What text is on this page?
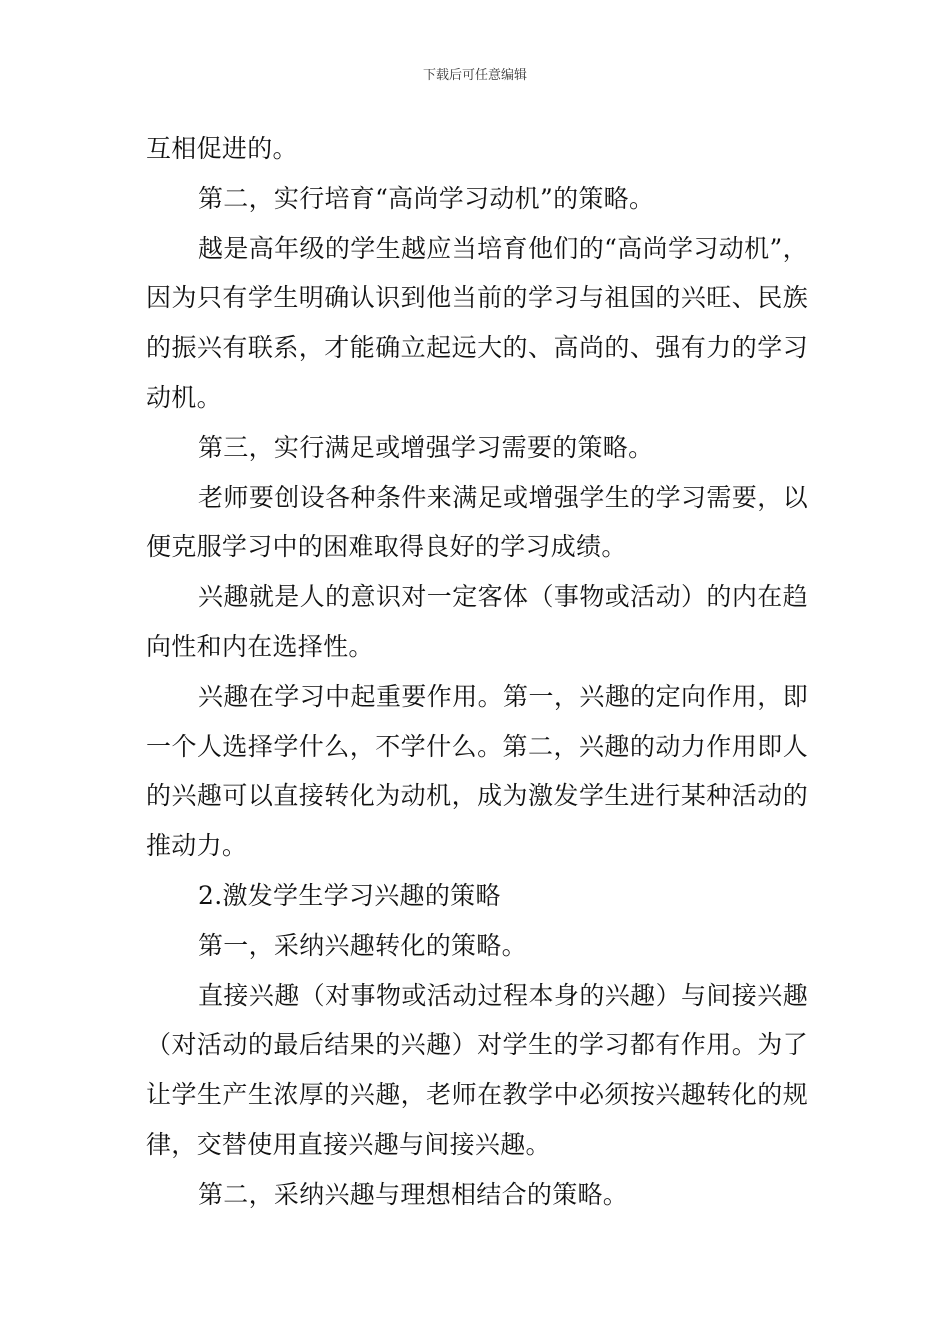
下载后可任意编辑

互相促进的。

第二，实行培育“高尚学习动机”的策略。

越是高年级的学生越应当培育他们的“高尚学习动机”，因为只有学生明确认识到他当前的学习与祖国的兴旺、民族的振兴有联系，才能确立起远大的、高尚的、强有力的学习动机。

第三，实行满足或增强学习需要的策略。

老师要创设各种条件来满足或增强学生的学习需要，以便克服学习中的困难取得良好的学习成绩。

兴趣就是人的意识对一定客体（事物或活动）的内在趋向性和内在选择性。

兴趣在学习中起重要作用。第一，兴趣的定向作用，即一个人选择学什么，不学什么。第二，兴趣的动力作用即人的兴趣可以直接转化为动机，成为激发学生进行某种活动的推动力。

2.激发学生学习兴趣的策略

第一，采纳兴趣转化的策略。

直接兴趣（对事物或活动过程本身的兴趣）与间接兴趣（对活动的最后结果的兴趣）对学生的学习都有作用。为了让学生产生浓厚的兴趣，老师在教学中必须按兴趣转化的规律，交替使用直接兴趣与间接兴趣。

第二，采纳兴趣与理想相结合的策略。
